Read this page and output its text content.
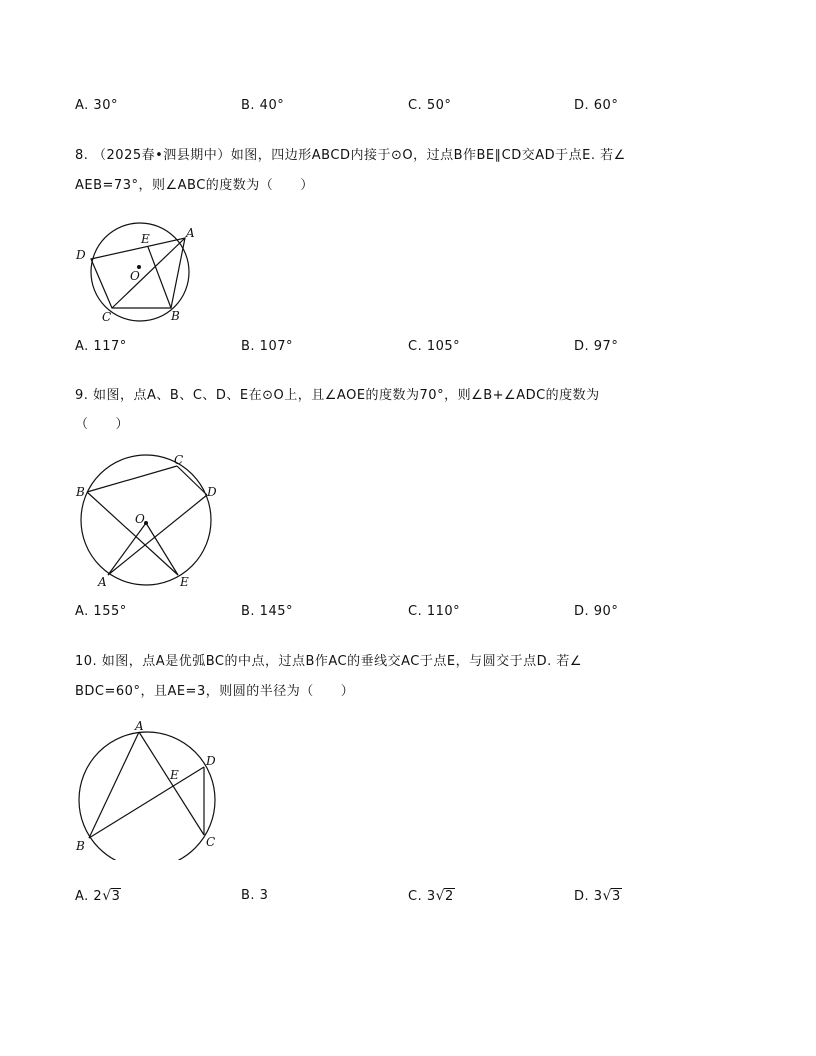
A. 30°	B. 40°	C. 50°	D. 60°
8. （2025春•泗县期中）如图，四边形ABCD内接于⊙O，过点B作BE∥CD交AD于点E. 若∠
AEB=73°，则∠ABC的度数为（　　）
A
B
C
D
E
O
A. 117°	B. 107°	C. 105°	D. 97°
9. 如图，点A、B、C、D、E在⊙O上，且∠AOE的度数为70°，则∠B+∠ADC的度数为
（　　）
A
B
C
D
E
O
A. 155°	B. 145°	C. 110°	D. 90°
10. 如图，点A是优弧BC的中点，过点B作AC的垂线交AC于点E，与圆交于点D. 若∠
BDC=60°，且AE=3，则圆的半径为（　　）
A
B	C
D
E
A. 2√3	B. 3	C. 3√2	D. 3√3
